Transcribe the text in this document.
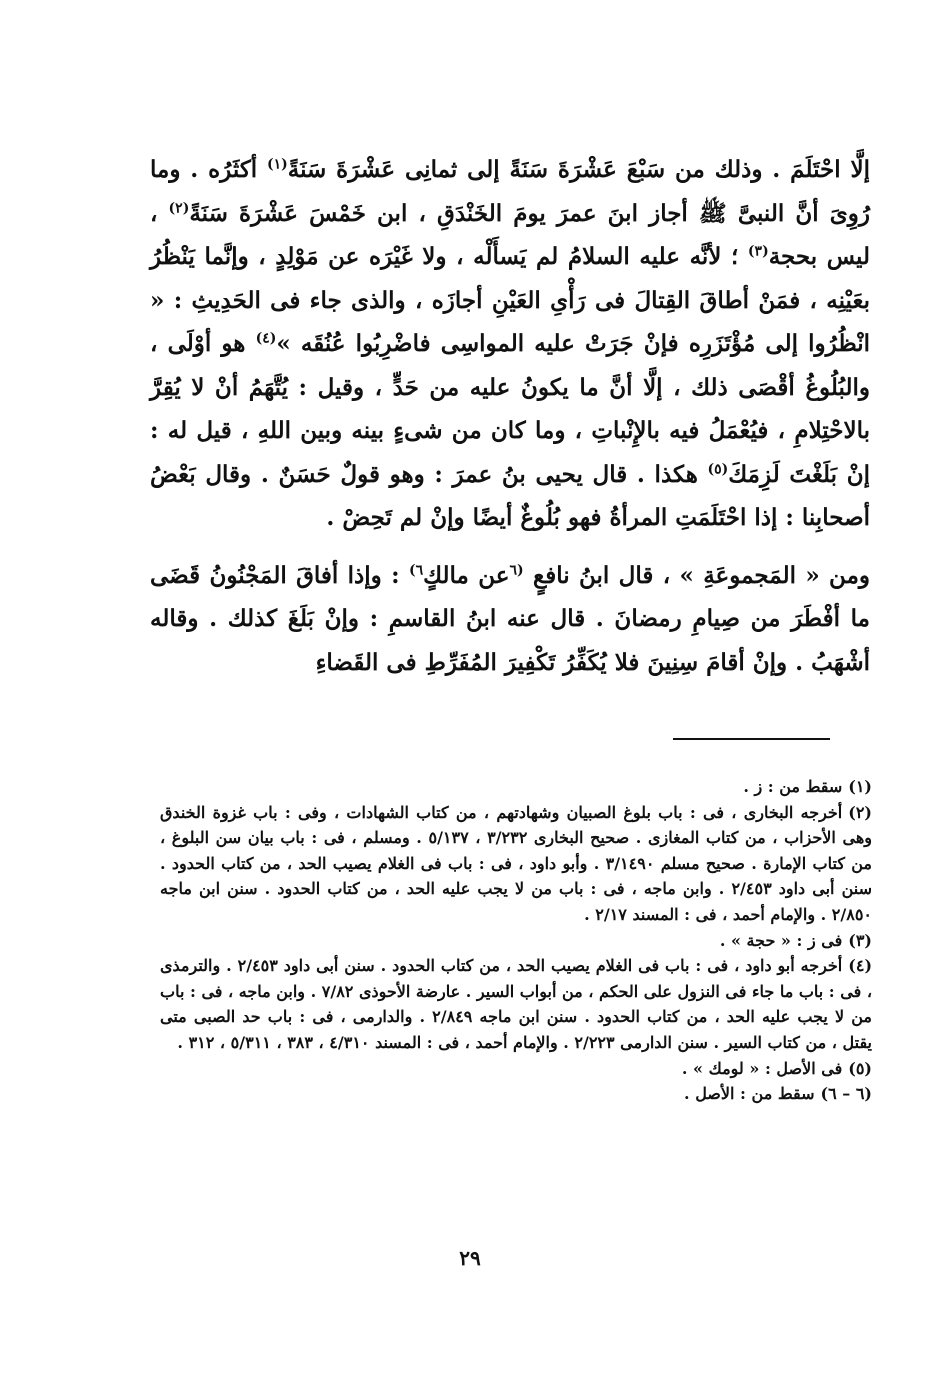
إلَّا احْتَلَمَ . وذلك من سَبْعَ عَشْرَةَ سَنَةً إلى ثمانِى عَشْرَةَ سَنَةً$^{(١)}$ أكثَرُه . وما رُوِىَ أنَّ النبىَّ ﷺ أجاز ابنَ عمرَ يومَ الخَنْدَقِ ، ابن خَمْسَ عَشْرَةَ سَنَةً$^{(٢)}$ ، ليس بحجة$^{(٣)}$ ؛ لأنَّه عليه السلامُ لم يَسأَلْه ، ولا غَيْرَه عن مَوْلِدٍ ، وإنَّما يَنْظُرُ بعَيْنِه ، فمَنْ أطاقَ القِتالَ فى رَأْىِ العَيْنِ أجازَه ، والذى جاء فى الحَدِيثِ : « انْظُرُوا إلى مُؤْتَزَرِه فإنْ جَرَتْ عليه المواسِى فاضْرِبُوا عُنُقَه »$^{(٤)}$ هو أوْلَى ، والبُلُوغُ أقْصَى ذلك ، إلَّا أنَّ ما يكونُ عليه من حَدٍّ ، وقيل : يُتَّهَمُ أنْ لا يُقِرَّ بالاحْتِلامِ ، فيُعْمَلُ فيه بالإِنْباتِ ، وما كان من شىءٍ بينه وبين اللهِ ، قيل له : إنْ بَلَغْتَ لَزِمَكَ$^{(٥)}$ هكذا . قال يحيى بنُ عمرَ : وهو قولٌ حَسَنٌ . وقال بَعْضُ أصحابِنا : إذا احْتَلَمَتِ المرأةُ فهو بُلُوغٌ أيضًا وإنْ لم تَحِضْ .

ومن « المَجموعَةِ » ، قال ابنُ نافعٍ $^{(٦}$عن مالكٍ$^{٦)}$ : وإذا أفاقَ المَجْنُونُ قَضَى ما أفْطَرَ من صِيامِ رمضانَ . قال عنه ابنُ القاسمِ : وإنْ بَلَغَ كذلك . وقاله أشْهَبُ . وإنْ أقامَ سِنِينَ فلا يُكَفِّرُ تَكْفِيرَ المُفَرِّطِ فى القَضاءِ

(١)سقط من : ز .

(٢)أخرجه البخارى ، فى : باب بلوغ الصبيان وشهادتهم ، من كتاب الشهادات ، وفى : باب غزوة الخندق وهى الأحزاب ، من كتاب المغازى . صحيح البخارى ٣/٢٣٢ ، ٥/١٣٧ . ومسلم ، فى : باب بيان سن البلوغ ، من كتاب الإمارة . صحيح مسلم ٣/١٤٩٠ . وأبو داود ، فى : باب فى الغلام يصيب الحد ، من كتاب الحدود . سنن أبى داود ٢/٤٥٣ . وابن ماجه ، فى : باب من لا يجب عليه الحد ، من كتاب الحدود . سنن ابن ماجه ٢/٨٥٠ . والإمام أحمد ، فى : المسند ٢/١٧ .

(٣)فى ز : « حجة » .

(٤)أخرجه أبو داود ، فى : باب فى الغلام يصيب الحد ، من كتاب الحدود . سنن أبى داود ٢/٤٥٣ . والترمذى ، فى : باب ما جاء فى النزول على الحكم ، من أبواب السير . عارضة الأحوذى ٧/٨٢ . وابن ماجه ، فى : باب من لا يجب عليه الحد ، من كتاب الحدود . سنن ابن ماجه ٢/٨٤٩ . والدارمى ، فى : باب حد الصبى متى يقتل ، من كتاب السير . سنن الدارمى ٢/٢٢٣ . والإمام أحمد ، فى : المسند ٤/٣١٠ ، ٣٨٣ ، ٥/٣١١ ، ٣١٢ .

(٥)فى الأصل : « لومك » .

(٦ – ٦)سقط من : الأصل .

٢٩
